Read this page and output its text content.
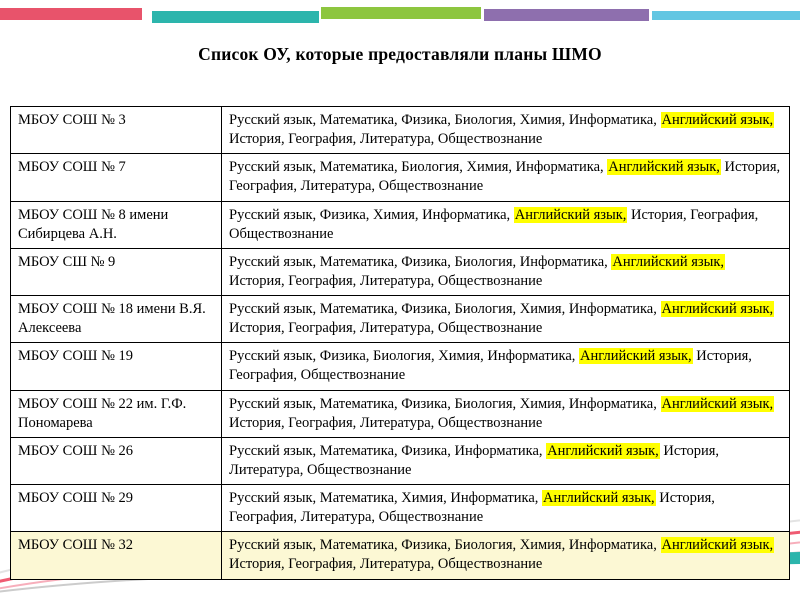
Список ОУ, которые предоставляли планы ШМО
МБОУ СОШ № 3	Русский язык, Математика, Физика, Биология, Химия, Информатика, Английский язык, История, География, Литература, Обществознание
МБОУ СОШ № 7	Русский язык, Математика, Биология, Химия, Информатика, Английский язык, История, География, Литература, Обществознание
МБОУ СОШ № 8 имени Сибирцева А.Н.	Русский язык, Физика, Химия, Информатика, Английский язык, История, География, Обществознание
МБОУ СШ № 9	Русский язык, Математика, Физика, Биология, Информатика, Английский язык, История, География, Литература, Обществознание
МБОУ СОШ № 18 имени В.Я. Алексеева	Русский язык, Математика, Физика, Биология, Химия, Информатика, Английский язык, История, География, Литература, Обществознание
МБОУ СОШ № 19	Русский язык, Физика, Биология, Химия, Информатика, Английский язык, История, География, Обществознание
МБОУ СОШ № 22 им. Г.Ф. Пономарева	Русский язык, Математика, Физика, Биология, Химия, Информатика, Английский язык, История, География, Литература, Обществознание
МБОУ СОШ № 26	Русский язык, Математика, Физика, Информатика, Английский язык, История, Литература, Обществознание
МБОУ СОШ № 29	Русский язык, Математика, Химия, Информатика, Английский язык, История, География, Литература, Обществознание
МБОУ СОШ № 32	Русский язык, Математика, Физика, Биология, Химия, Информатика, Английский язык, История, География, Литература, Обществознание
